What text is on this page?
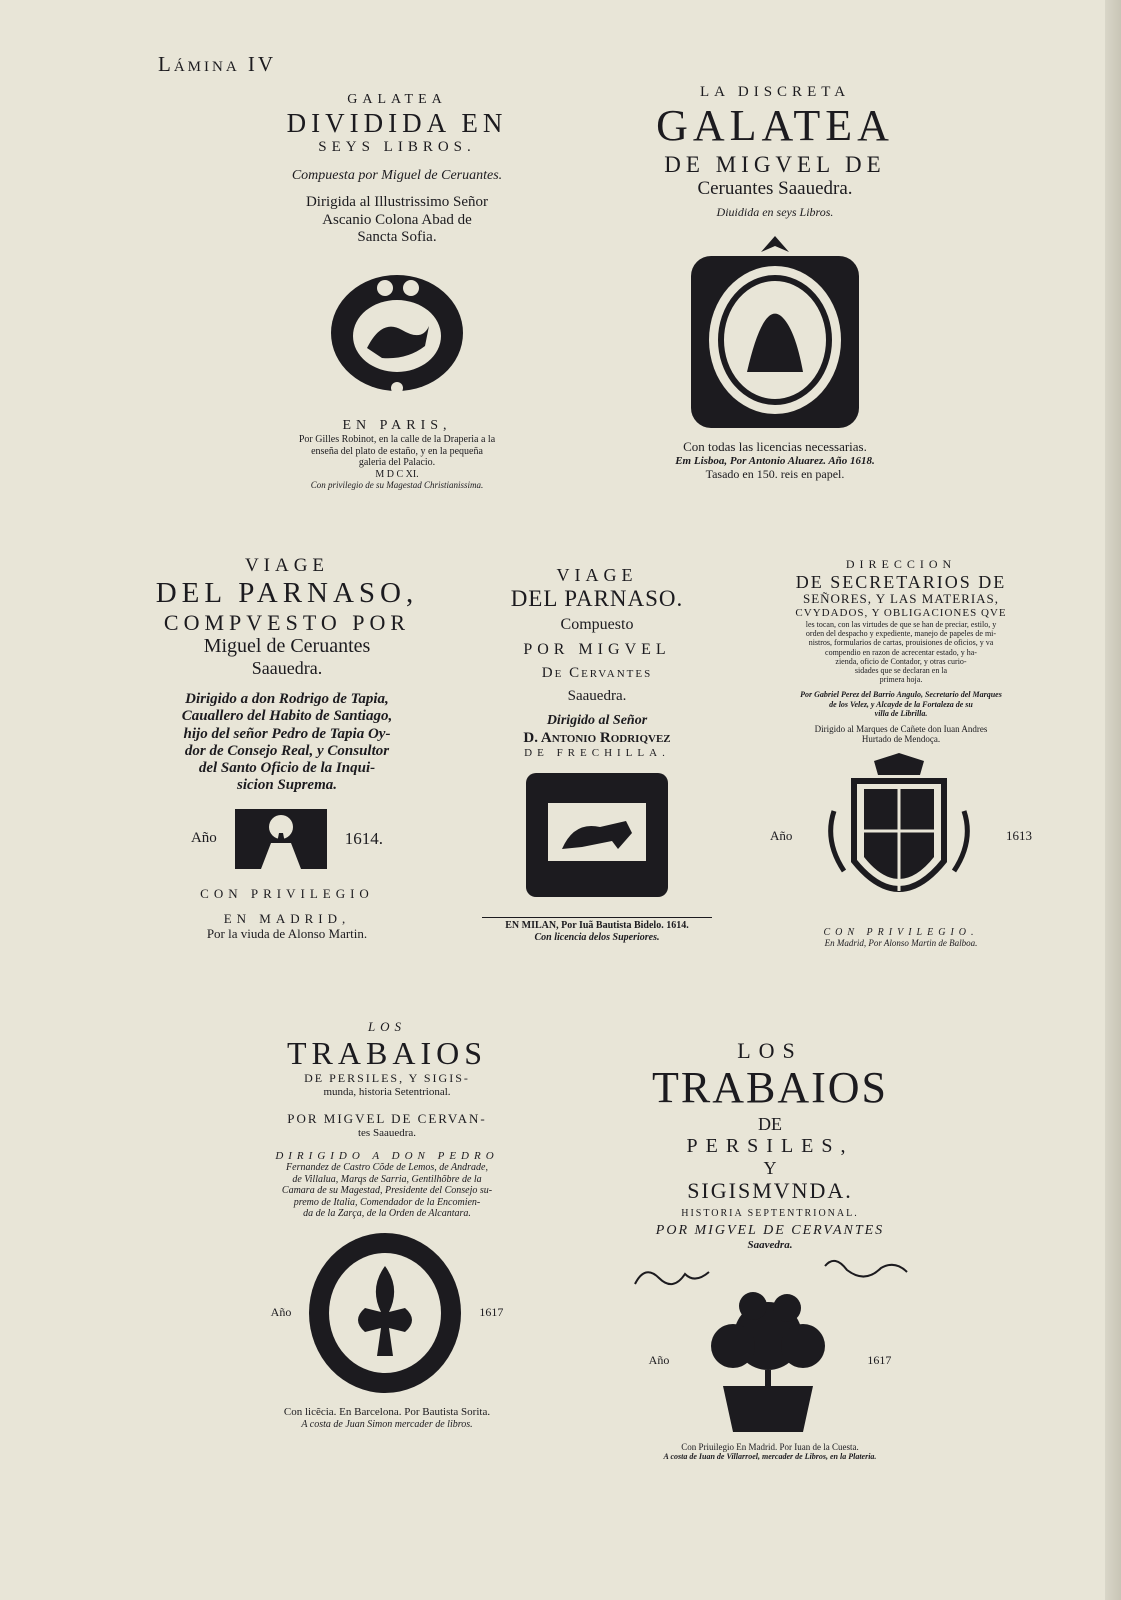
Lámina IV
GALATEA
DIVIDIDA EN
SEYS LIBROS.
Compuesta por Miguel de Ceruantes.
Dirigida al Illustrissimo Señor
Ascanio Colona Abad de
Sancta Sofia.
EN PARIS,
Por Gilles Robinot, en la calle de la Draperia a la
enseña del plato de estaño, y en la pequeña
galeria del Palacio.
M D C XI.
Con privilegio de su Magestad Christianissima.
LA DISCRETA
GALATEA
DE MIGVEL DE
Ceruantes Saauedra.
Diuidida en seys Libros.
Con todas las licencias necessarias.
Em Lisboa, Por Antonio Aluarez. Año 1618.
Tasado en 150. reis en papel.
VIAGE
DEL PARNASO,
COMPVESTO POR
Miguel de Ceruantes
Saauedra.
Dirigido a don Rodrigo de Tapia,
Cauallero del Habito de Santiago,
hijo del señor Pedro de Tapia Oy-
dor de Consejo Real, y Consultor
del Santo Oficio de la Inqui-
sicion Suprema.
Año	1614.
CON PRIVILEGIO
EN MADRID,
Por la viuda de Alonso Martin.
VIAGE
DEL PARNASO.
Compuesto
POR MIGVEL
De Cervantes
Saauedra.
Dirigido al Señor
D. Antonio Rodriqvez
DE FRECHILLA.
EN MILAN, Por Iuã Bautista Bidelo. 1614.
Con licencia delos Superiores.
DIRECCION
DE SECRETARIOS DE
SEÑORES, Y LAS MATERIAS,
CVYDADOS, Y OBLIGACIONES QVE
les tocan, con las virtudes de que se han de preciar, estilo, y
orden del despacho y expediente, manejo de papeles de mi-
nistros, formularios de cartas, prouisiones de oficios, y va
compendio en razon de acrecentar estado, y ha-
zienda, oficio de Contador, y otras curio-
sidades que se declaran en la
primera hoja.
Por Gabriel Perez del Barrio Angulo, Secretario del Marques
de los Velez, y Alcayde de la Fortaleza de su
villa de Librilla.
Dirigido al Marques de Cañete don Iuan Andres
Hurtado de Mendoça.
Año	1613
CON PRIVILEGIO.
En Madrid, Por Alonso Martin de Balboa.
LOS
TRABAIOS
DE PERSILES, Y SIGIS-
munda, historia Setentrional.
POR MIGVEL DE CERVAN-
tes Saauedra.
DIRIGIDO A DON PEDRO
Fernandez de Castro Cõde de Lemos, de Andrade,
de Villalua, Marqs de Sarria, Gentilhõbre de la
Camara de su Magestad, Presidente del Consejo su-
premo de Italia, Comendador de la Encomien-
da de la Zarça, de la Orden de Alcantara.
Año	1617
Con licẽcia. En Barcelona. Por Bautista Sorita.
A costa de Juan Simon mercader de libros.
LOS
TRABAIOS
DE
PERSILES,
Y
SIGISMVNDA.
HISTORIA SEPTENTRIONAL.
POR MIGVEL DE CERVANTES
Saavedra.
Año	1617
Con Priuilegio En Madrid. Por Iuan de la Cuesta.
A costa de Iuan de Villarroel, mercader de Libros, en la Plateria.
